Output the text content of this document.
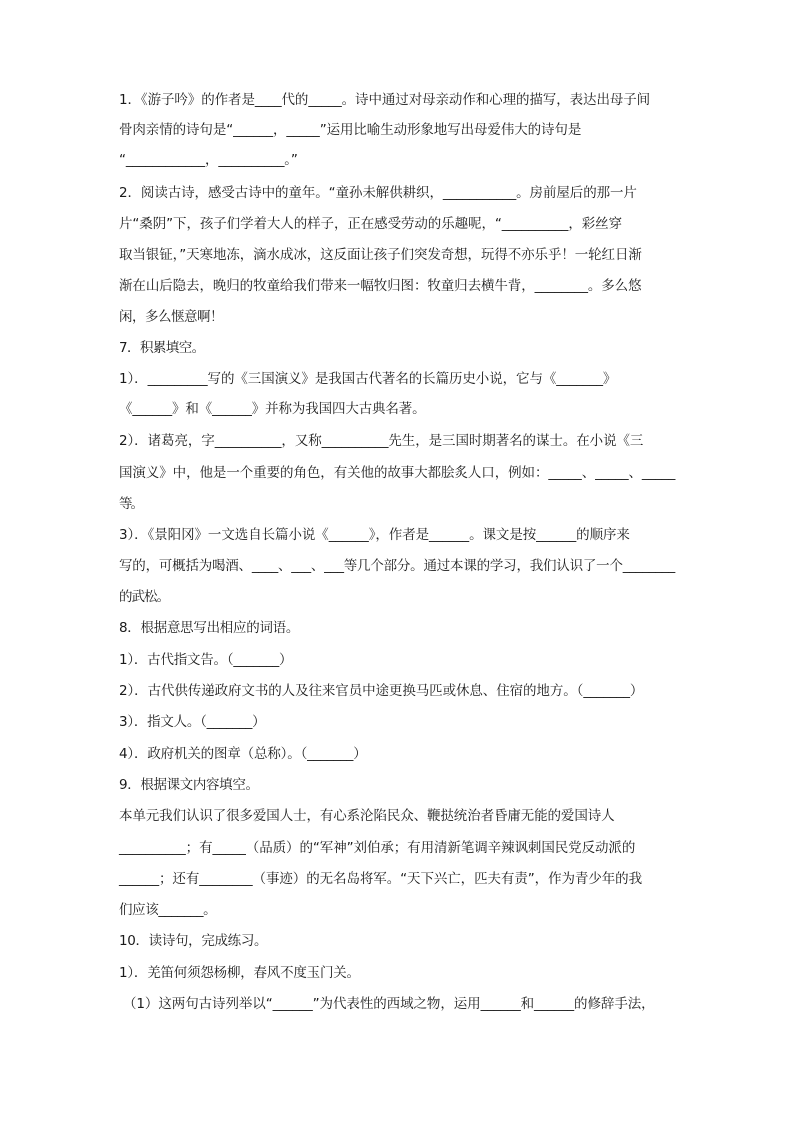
1．《游子吟》的作者是____代的_____。诗中通过对母亲动作和心理的描写，表达出母子间
骨肉亲情的诗句是“______，_____”运用比喻生动形象地写出母爱伟大的诗句是
“____________，__________。”
2．阅读古诗，感受古诗中的童年。“童孙未解供耕织，___________。房前屋后的那一片
片“桑阴”下，孩子们学着大人的样子，正在感受劳动的乐趣呢，“__________，彩丝穿
取当银钲，”天寒地冻，滴水成冰，这反面让孩子们突发奇想，玩得不亦乐乎！一轮红日渐
渐在山后隐去，晚归的牧童给我们带来一幅牧归图：牧童归去横牛背，________。多么悠
闲，多么惬意啊！
7．积累填空。
1）．_________写的《三国演义》是我国古代著名的长篇历史小说，它与《_______》
《______》和《______》并称为我国四大古典名著。
2）．诸葛亮，字__________，又称__________先生，是三国时期著名的谋士。在小说《三
国演义》中，他是一个重要的角色，有关他的故事大都脍炙人口，例如：_____、_____、_____
等。
3）．《景阳冈》一文选自长篇小说《______》，作者是______。课文是按______的顺序来
写的，可概括为喝酒、____、___、___等几个部分。通过本课的学习，我们认识了一个________
的武松。
8．根据意思写出相应的词语。
1）．古代指文告。（_______）
2）．古代供传递政府文书的人及往来官员中途更换马匹或休息、住宿的地方。（_______）
3）．指文人。（_______）
4）．政府机关的图章（总称）。（_______）
9．根据课文内容填空。
本单元我们认识了很多爱国人士，有心系沦陷民众、鞭挞统治者昏庸无能的爱国诗人
__________；有_____（品质）的“军神”刘伯承；有用清新笔调辛辣讽刺国民党反动派的
______；还有________（事迹）的无名岛将军。“天下兴亡，匹夫有责”，作为青少年的我
们应该_______。
10．读诗句，完成练习。
1）．羌笛何须怨杨柳，春风不度玉门关。
（1）这两句古诗列举以“______”为代表性的西域之物，运用______和______的修辞手法，
